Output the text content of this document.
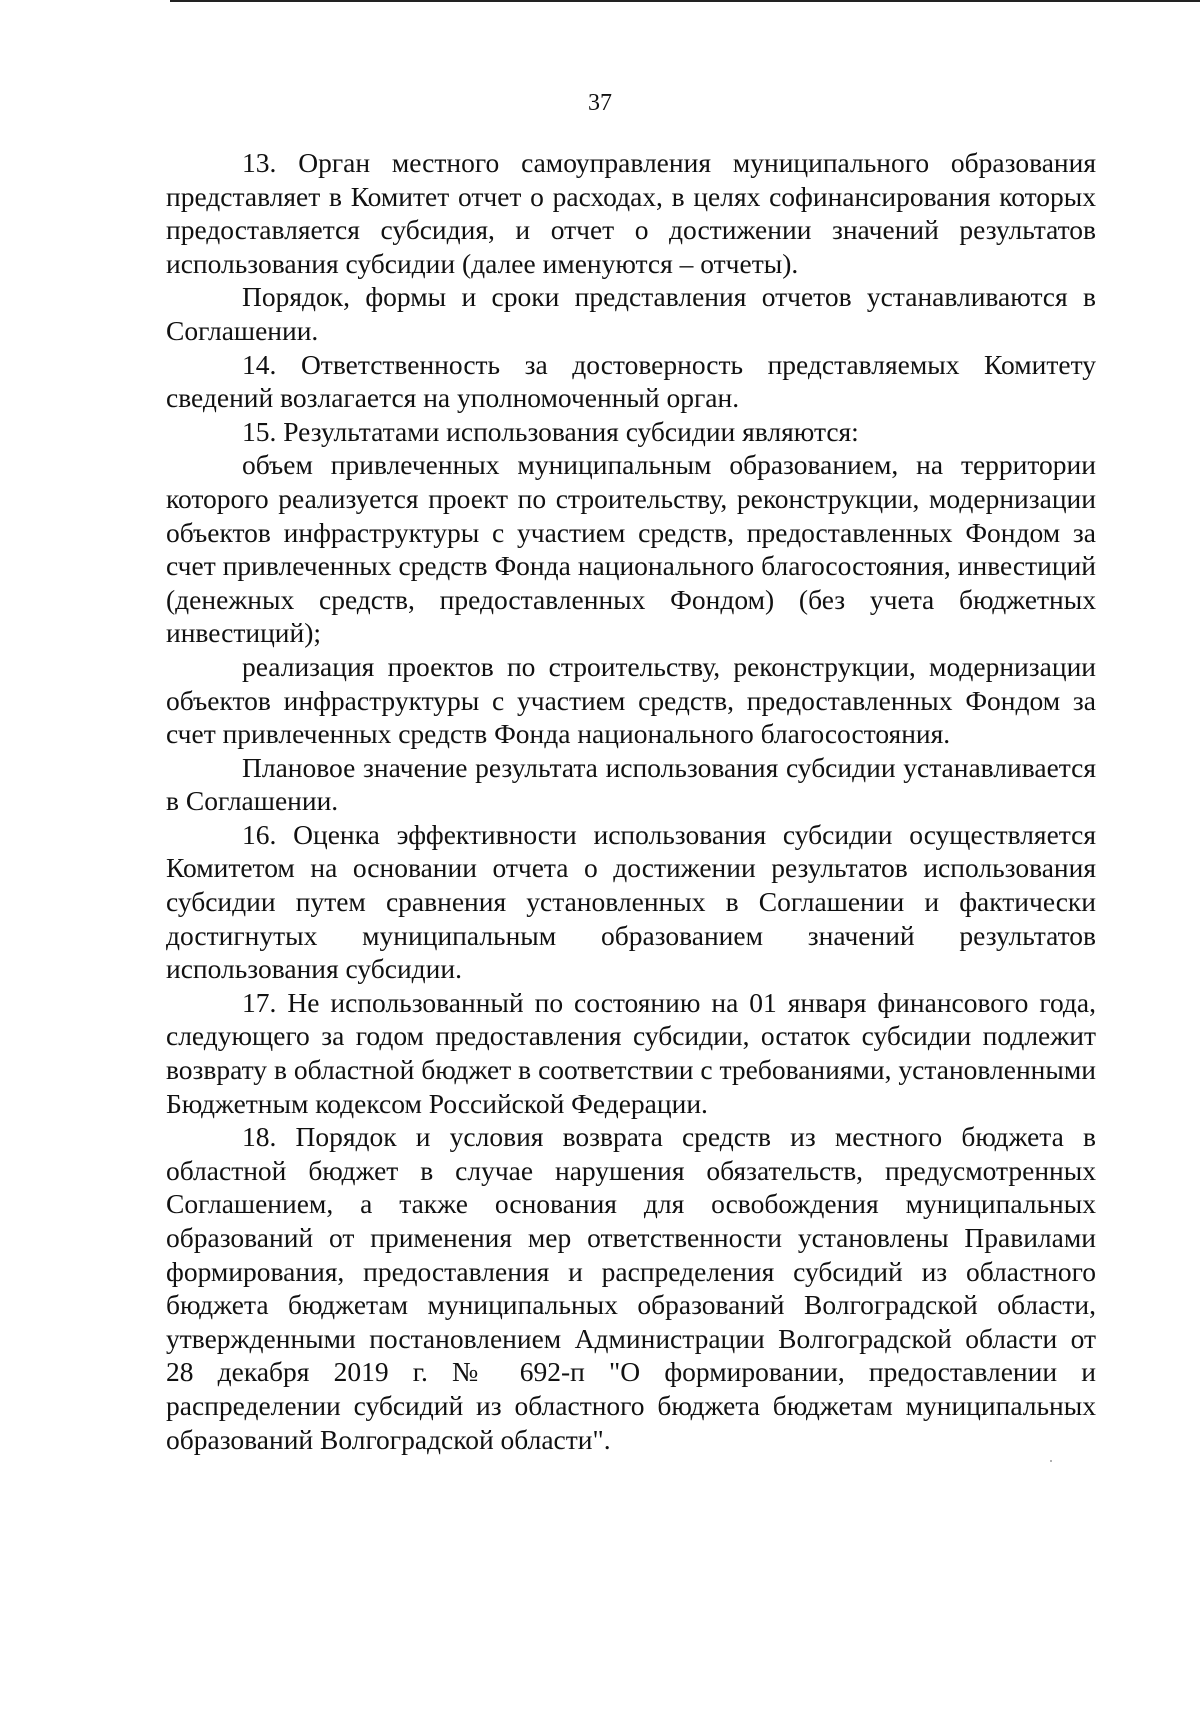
37

13. Орган местного самоуправления муниципального образования представляет в Комитет отчет о расходах, в целях софинансирования которых предоставляется субсидия, и отчет о достижении значений результатов использования субсидии (далее именуются – отчеты).

Порядок, формы и сроки представления отчетов устанавливаются в Соглашении.

14. Ответственность за достоверность представляемых Комитету сведений возлагается на уполномоченный орган.

15. Результатами использования субсидии являются:

объем привлеченных муниципальным образованием, на территории которого реализуется проект по строительству, реконструкции, модернизации объектов инфраструктуры с участием средств, предоставленных Фондом за счет привлеченных средств Фонда национального благосостояния, инвестиций (денежных средств, предоставленных Фондом) (без учета бюджетных инвестиций);

реализация проектов по строительству, реконструкции, модернизации объектов инфраструктуры с участием средств, предоставленных Фондом за счет привлеченных средств Фонда национального благосостояния.

Плановое значение результата использования субсидии устанавливается в Соглашении.

16. Оценка эффективности использования субсидии осуществляется Комитетом на основании отчета о достижении результатов использования субсидии путем сравнения установленных в Соглашении и фактически достигнутых муниципальным образованием значений результатов использования субсидии.

17. Не использованный по состоянию на 01 января финансового года, следующего за годом предоставления субсидии, остаток субсидии подлежит возврату в областной бюджет в соответствии с требованиями, установленными Бюджетным кодексом Российской Федерации.

18. Порядок и условия возврата средств из местного бюджета в областной бюджет в случае нарушения обязательств, предусмотренных Соглашением, а также основания для освобождения муниципальных образований от применения мер ответственности установлены Правилами формирования, предоставления и распределения субсидий из областного бюджета бюджетам муниципальных образований Волгоградской области, утвержденными постановлением Администрации Волгоградской области от 28 декабря 2019 г. № 692-п "О формировании, предоставлении и распределении субсидий из областного бюджета бюджетам муниципальных образований Волгоградской области".
